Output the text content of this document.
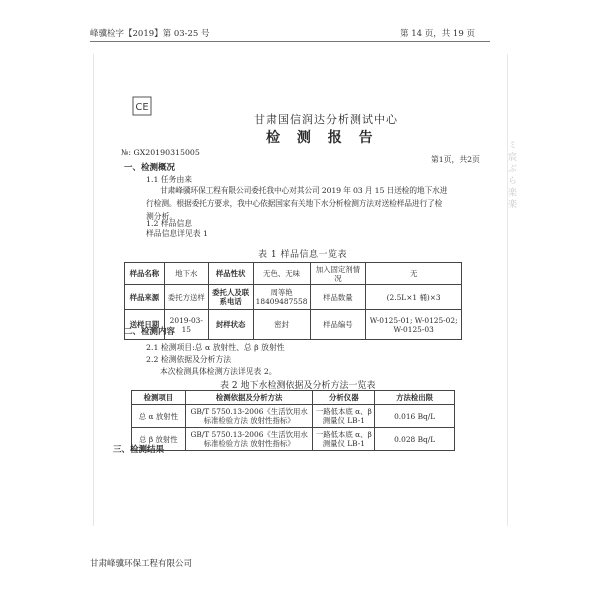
峰骥检字【2019】第 03-25 号	第 14 页，共 19 页
ミ 宸 ぶ ら 楽 楽
CE
甘肃国信润达分析测试中心
检 测 报 告
№: GX20190315005
第1页，共2页
一、检测概况
1.1 任务由来
甘肃峰骥环保工程有限公司委托我中心对其公司 2019 年 03 月 15 日送检的地下水进
行检测。根据委托方要求，我中心依据国家有关地下水分析检测方法对送检样品进行了检
测分析。
1.2 样品信息
样品信息详见表 1
表 1 样品信息一览表
样品名称	地下水	样品性状	无色、无味	加入固定剂情况	无
样品来源	委托方送样	委托人及联系电话	周等艳 18409487558	样品数量	(2.5L×1 桶)×3
送样日期	2019-03-15	封样状态	密封	样品编号	W-0125-01; W-0125-02; W-0125-03
二、检测内容
2.1 检测项目:总 α 放射性、总 β 放射性
2.2 检测依据及分析方法
本次检测具体检测方法详见表 2。
表 2 地下水检测依据及分析方法一览表
检测项目	检测依据及分析方法	分析仪器	方法检出限
总 α 放射性	GB/T 5750.13-2006《生活饮用水标准检验方法 放射性指标》	一路低本底 α、β 测量仪 LB-1	0.016 Bq/L
总 β 放射性	GB/T 5750.13-2006《生活饮用水标准检验方法 放射性指标》	一路低本底 α、β 测量仪 LB-1	0.028 Bq/L
三、检测结果
甘肃峰骥环保工程有限公司
